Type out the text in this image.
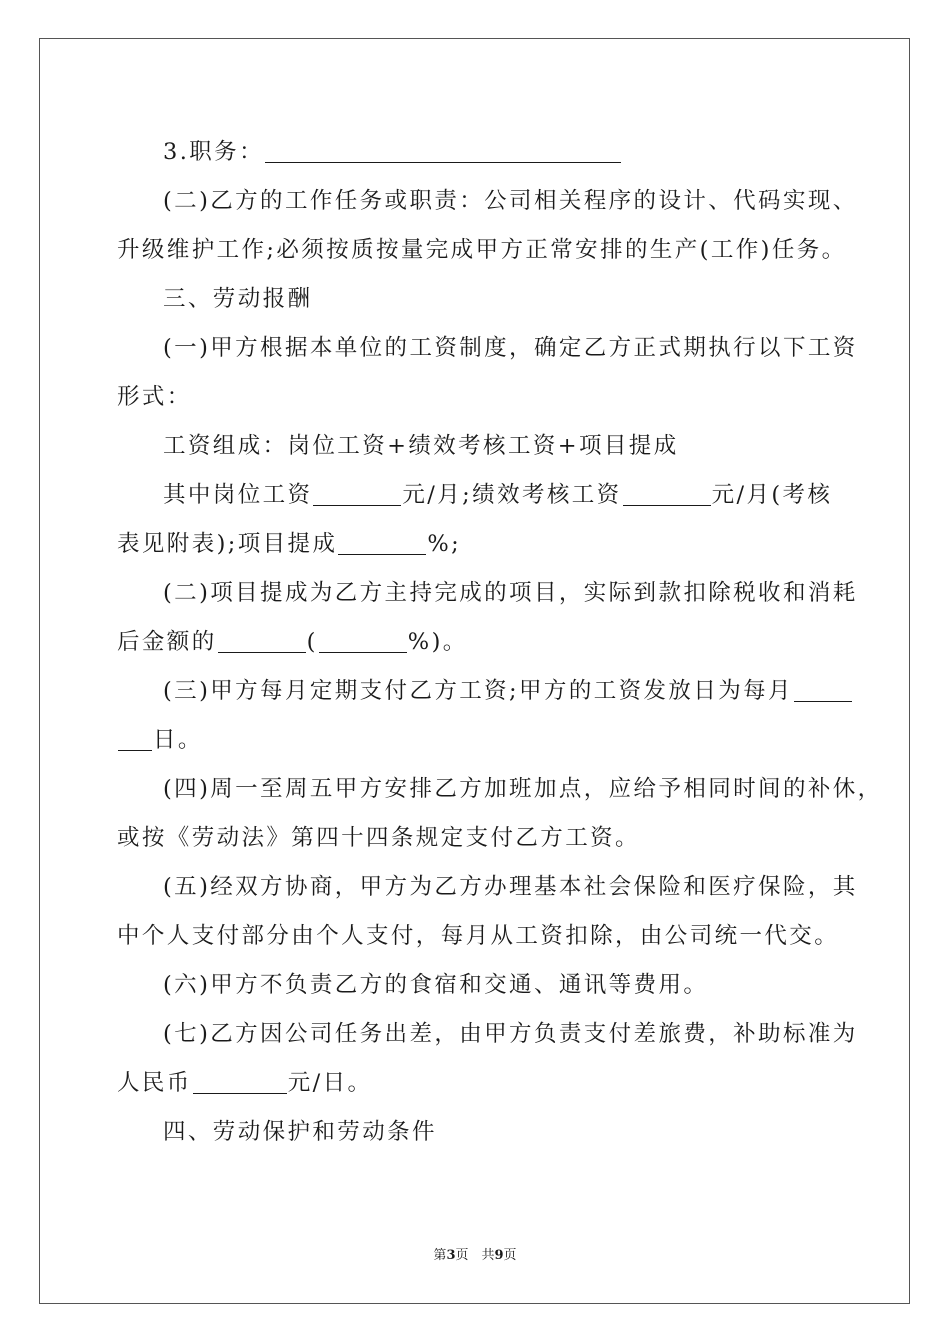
3.职务：
(二)乙方的工作任务或职责：公司相关程序的设计、代码实现、
升级维护工作;必须按质按量完成甲方正常安排的生产(工作)任务。
三、劳动报酬
(一)甲方根据本单位的工资制度，确定乙方正式期执行以下工资
形式：
工资组成：岗位工资+绩效考核工资+项目提成
其中岗位工资	元/月;绩效考核工资	元/月(考核
表见附表);项目提成	%;
(二)项目提成为乙方主持完成的项目，实际到款扣除税收和消耗
后金额的	(	%)。
(三)甲方每月定期支付乙方工资;甲方的工资发放日为每月
日。
(四)周一至周五甲方安排乙方加班加点，应给予相同时间的补休，
或按《劳动法》第四十四条规定支付乙方工资。
(五)经双方协商，甲方为乙方办理基本社会保险和医疗保险，其
中个人支付部分由个人支付，每月从工资扣除，由公司统一代交。
(六)甲方不负责乙方的食宿和交通、通讯等费用。
(七)乙方因公司任务出差，由甲方负责支付差旅费，补助标准为
人民币	元/日。
四、劳动保护和劳动条件
第3页　共9页
